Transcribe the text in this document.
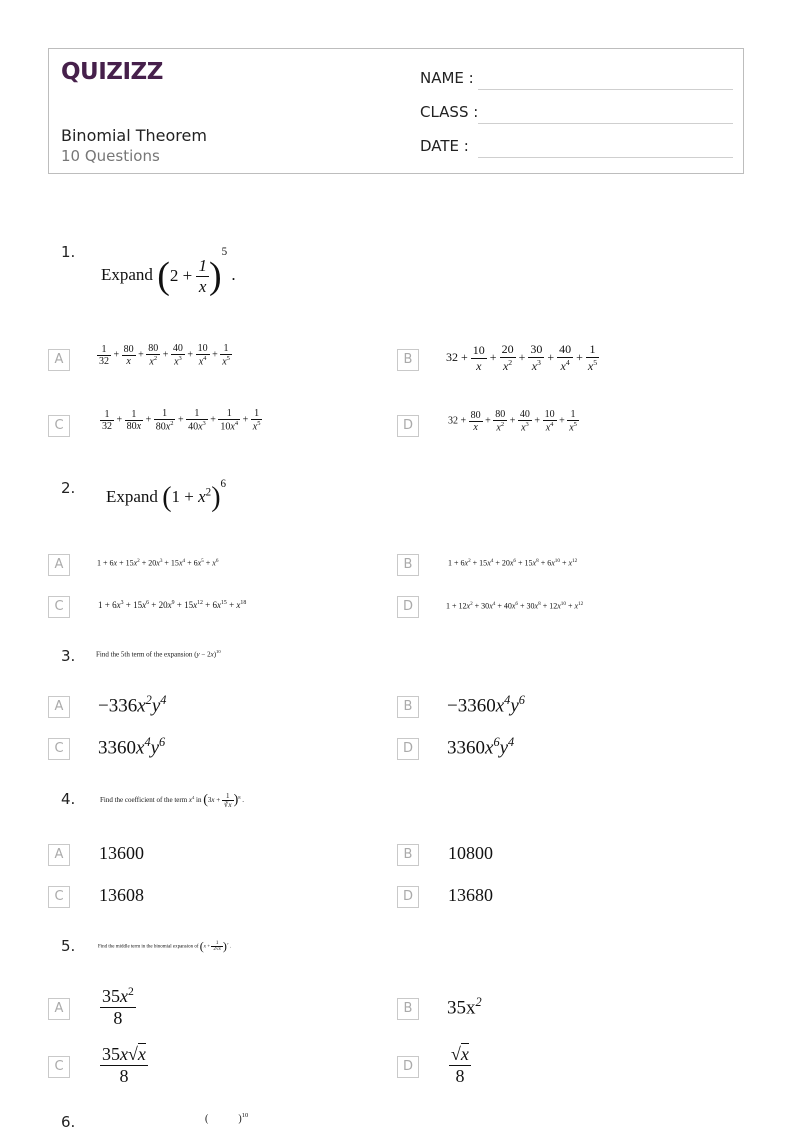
QUIZIZZ
Binomial Theorem
10 Questions
NAME :
CLASS :
DATE :
1.
Expand $(2 + \frac{1}{x} )^5$ .
A	$\frac{1}{32} + \frac{80}{x} + \frac{80}{x^2} + \frac{40}{x^3} + \frac{10}{x^4} + \frac{1}{x^5}$	B	$32 + \frac{10}{x} + \frac{20}{x^2} + \frac{30}{x^3} + \frac{40}{x^4} + \frac{1}{x^5}$
C	$\frac{1}{32} + \frac{1}{80x} + \frac{1}{80x^2} + \frac{1}{40x^3} + \frac{1}{10x^4} + \frac{1}{x^5}$	D	$32 + \frac{80}{x} + \frac{80}{x^2} + \frac{40}{x^3} + \frac{10}{x^4} + \frac{1}{x^5}$
2. Expand $(1 + x^2)^6$
A	$1 + 6x + 15x^2 + 20x^3 + 15x^4 + 6x^5 + x^6$	B	$1 + 6x^2 + 15x^4 + 20x^6 + 15x^8 + 6x^{10} + x^{12}$
C	$1 + 6x^3 + 15x^6 + 20x^9 + 15x^{12} + 6x^{15} + x^{18}$	D	$1 + 12x^2 + 30x^4 + 40x^6 + 30x^8 + 12x^{10} + x^{12}$
3.	Find the 5th term of the expansion $(y - 2x)^{10}$
A	$-336x^2y^4$	B	$-3360x^4y^6$
C	$3360x^4y^6$	D	$3360x^6y^4$
4.	Find the coefficient of the term $x^4$ in $(3x + \frac{1}{∛x} )^8$ .
A	13600	B	10800
C	13608	D	13680
5.	Find the middle term in the binomial expansion of $(x + \frac{1}{2√x} )^7$ .
A	$\frac{35x^2}{8}$	B	$35x^2$
C	$\frac{35x√x}{8}$	D	$\frac{√x}{8}$
6.	(	)$^{10}$
